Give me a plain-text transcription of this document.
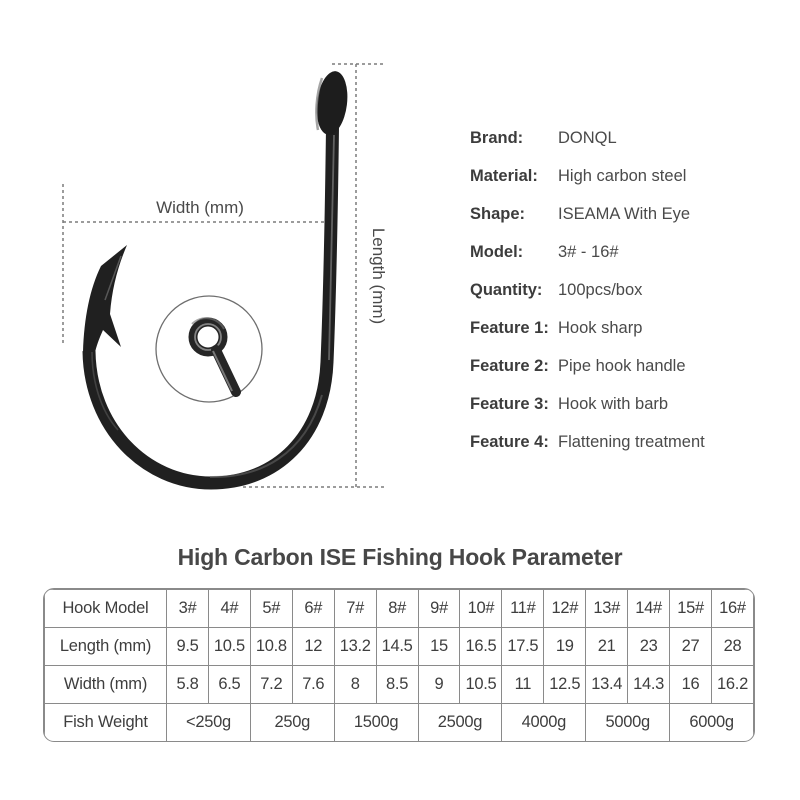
Width (mm)
Length (mm)
Brand:	DONQL
Material:	High carbon steel
Shape:	ISEAMA With Eye
Model:	3# - 16#
Quantity: 100pcs/box
Feature 1: Hook sharp
Feature 2: Pipe hook handle
Feature 3: Hook with barb
Feature 4: Flattening treatment
High Carbon ISE Fishing Hook Parameter
Hook Model	3#	4#	5#	6#	7#	8#	9#	10#	11#	12#	13#	14#	15#	16#
Length (mm)	9.5	10.5	10.8	12	13.2	14.5	15	16.5	17.5	19	21	23	27	28
Width (mm)	5.8	6.5	7.2	7.6	8	8.5	9	10.5	11	12.5	13.4	14.3	16	16.2
Fish Weight	<250g		250g		1500g		2500g		4000g		5000g		6000g	
